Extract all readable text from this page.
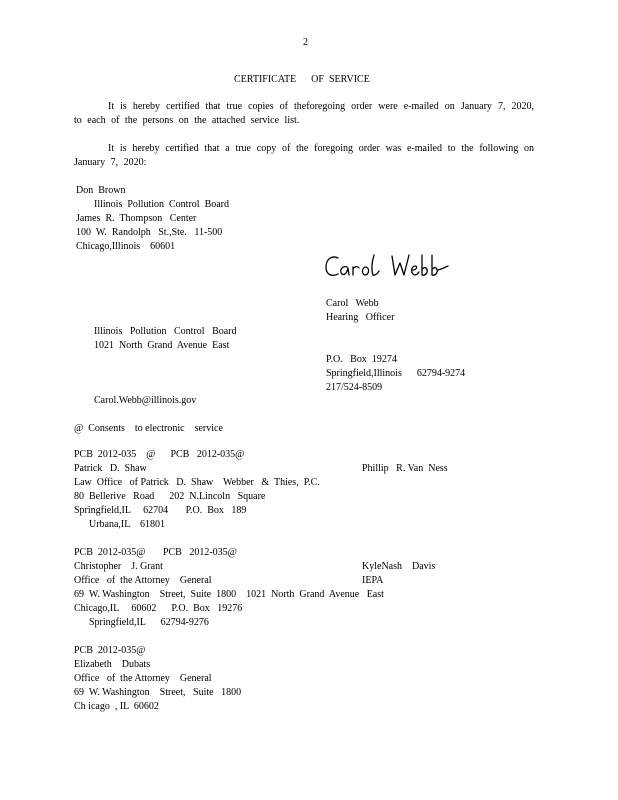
2
CERTIFICATE      OF  SERVICE
It is hereby certified that true copies of theforegoing order were e-mailed on January 7, 2020, to each of the persons on the attached service list.
It is hereby certified that a true copy of the foregoing order was e-mailed to the following on January 7, 2020:
Don  Brown
Illinois  Pollution  Control  Board
James  R.  Thompson   Center
100  W.  Randolph   St.,Ste.   11-500
Chicago,Illinois    60601
Carol   Webb
Hearing   Officer
Illinois   Pollution   Control   Board
1021  North  Grand  Avenue  East
P.O.   Box  19274
Springfield,Illinois      62794-9274
217/524-8509
Carol.Webb@illinois.gov
@  Consents    to electronic    service
PCB  2012-035    @      PCB   2012-035@
Patrick   D.  Shaw
Law  Office   of Patrick   D.  Shaw    Webber   &  Thies,  P.C.
80  Bellerive   Road      202  N.Lincoln   Square
Springfield,IL     62704       P.O.  Box   189
Urbana,IL    61801
Phillip   R. Van  Ness
PCB  2012-035@       PCB   2012-035@
Christopher    J. Grant
Office   of  the Attorney    General
69  W. Washington    Street,  Suite  1800    1021  North  Grand  Avenue   East
Chicago,IL     60602      P.O.  Box   19276
Springfield,IL      62794-9276
KyleNash    Davis
IEPA
PCB  2012-035@
Elizabeth    Dubats
Office   of  the Attorney    General
69  W. Washington    Street,   Suite   1800
Ch icago  , IL  60602
